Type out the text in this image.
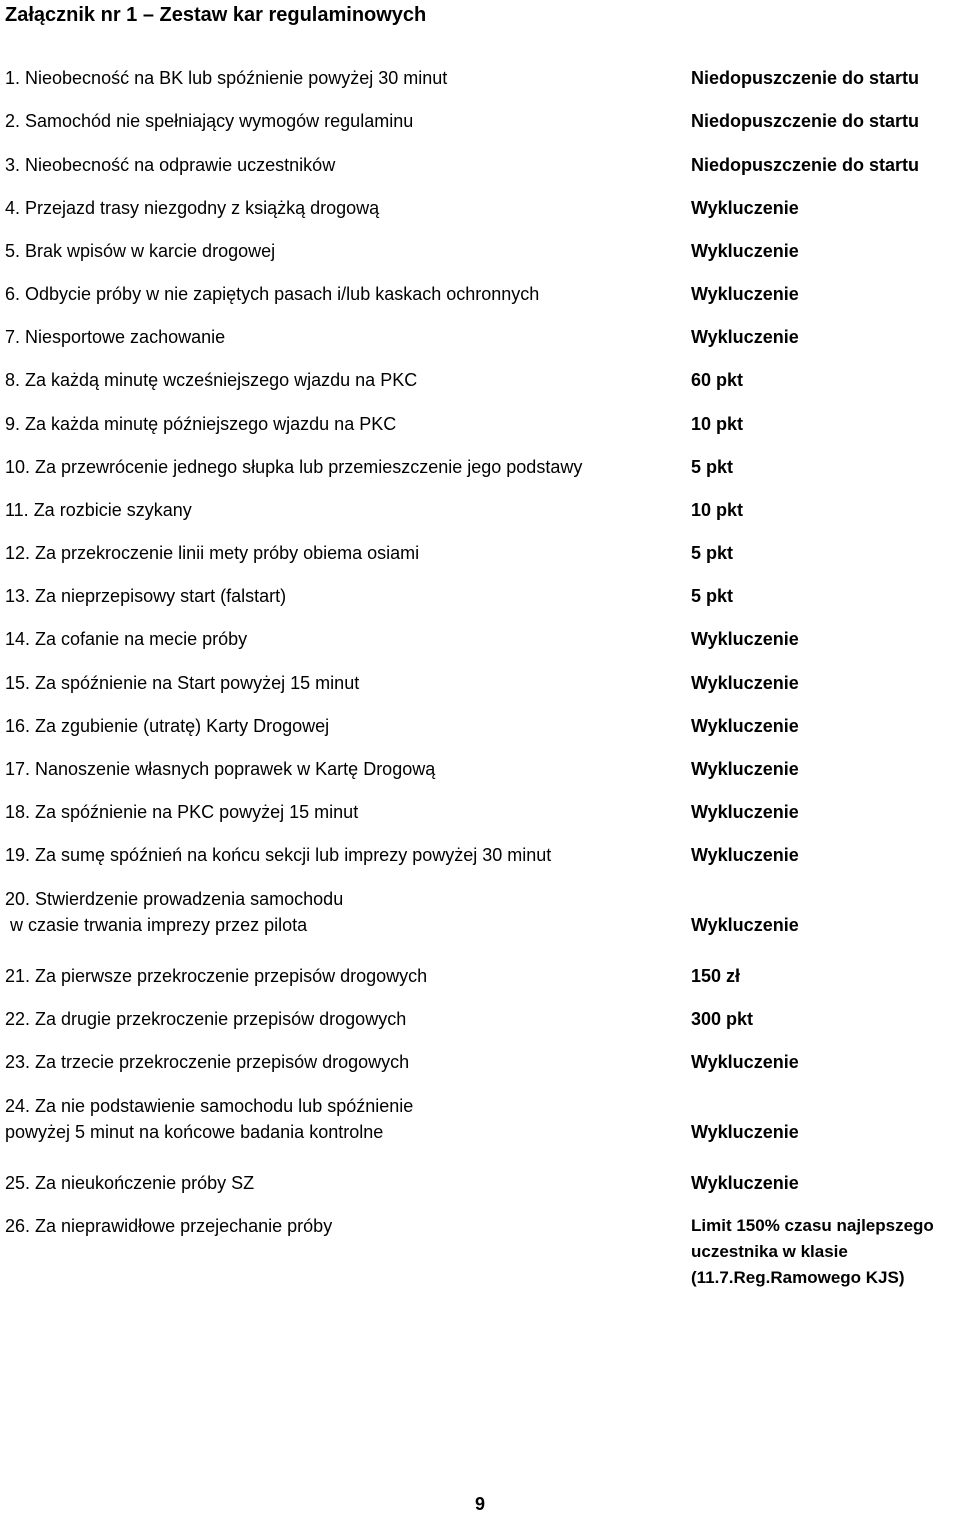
Załącznik nr 1 – Zestaw kar regulaminowych
1. Nieobecność na BK lub spóźnienie powyżej 30 minut	Niedopuszczenie do startu
2. Samochód nie spełniający wymogów regulaminu	Niedopuszczenie do startu
3. Nieobecność na odprawie uczestników	Niedopuszczenie do startu
4. Przejazd trasy niezgodny z książką drogową	Wykluczenie
5. Brak wpisów w karcie drogowej	Wykluczenie
6. Odbycie próby w nie zapiętych pasach i/lub kaskach ochronnych	Wykluczenie
7. Niesportowe zachowanie	Wykluczenie
8. Za każdą minutę wcześniejszego wjazdu na PKC	60 pkt
9. Za każda minutę późniejszego wjazdu na PKC	10 pkt
10. Za przewrócenie jednego słupka lub przemieszczenie jego podstawy	5 pkt
11. Za rozbicie szykany	10 pkt
12. Za przekroczenie linii mety próby obiema osiami	5 pkt
13. Za nieprzepisowy start (falstart)	5 pkt
14. Za cofanie na mecie próby	Wykluczenie
15. Za spóźnienie na Start powyżej 15 minut	Wykluczenie
16. Za zgubienie (utratę) Karty Drogowej	Wykluczenie
17. Nanoszenie własnych poprawek w Kartę Drogową	Wykluczenie
18. Za spóźnienie na PKC powyżej 15 minut	Wykluczenie
19. Za sumę spóźnień na końcu sekcji lub imprezy powyżej 30 minut	Wykluczenie
20. Stwierdzenie prowadzenia samochodu
w czasie trwania imprezy przez pilota	Wykluczenie
21. Za pierwsze przekroczenie przepisów drogowych	150 zł
22. Za drugie przekroczenie przepisów drogowych	300 pkt
23. Za trzecie przekroczenie przepisów drogowych	Wykluczenie
24. Za nie podstawienie samochodu lub spóźnienie
powyżej 5 minut na końcowe badania kontrolne	Wykluczenie
25. Za nieukończenie próby SZ	Wykluczenie
26. Za nieprawidłowe przejechanie próby	Limit 150% czasu najlepszego
uczestnika w klasie
(11.7.Reg.Ramowego KJS)
9
